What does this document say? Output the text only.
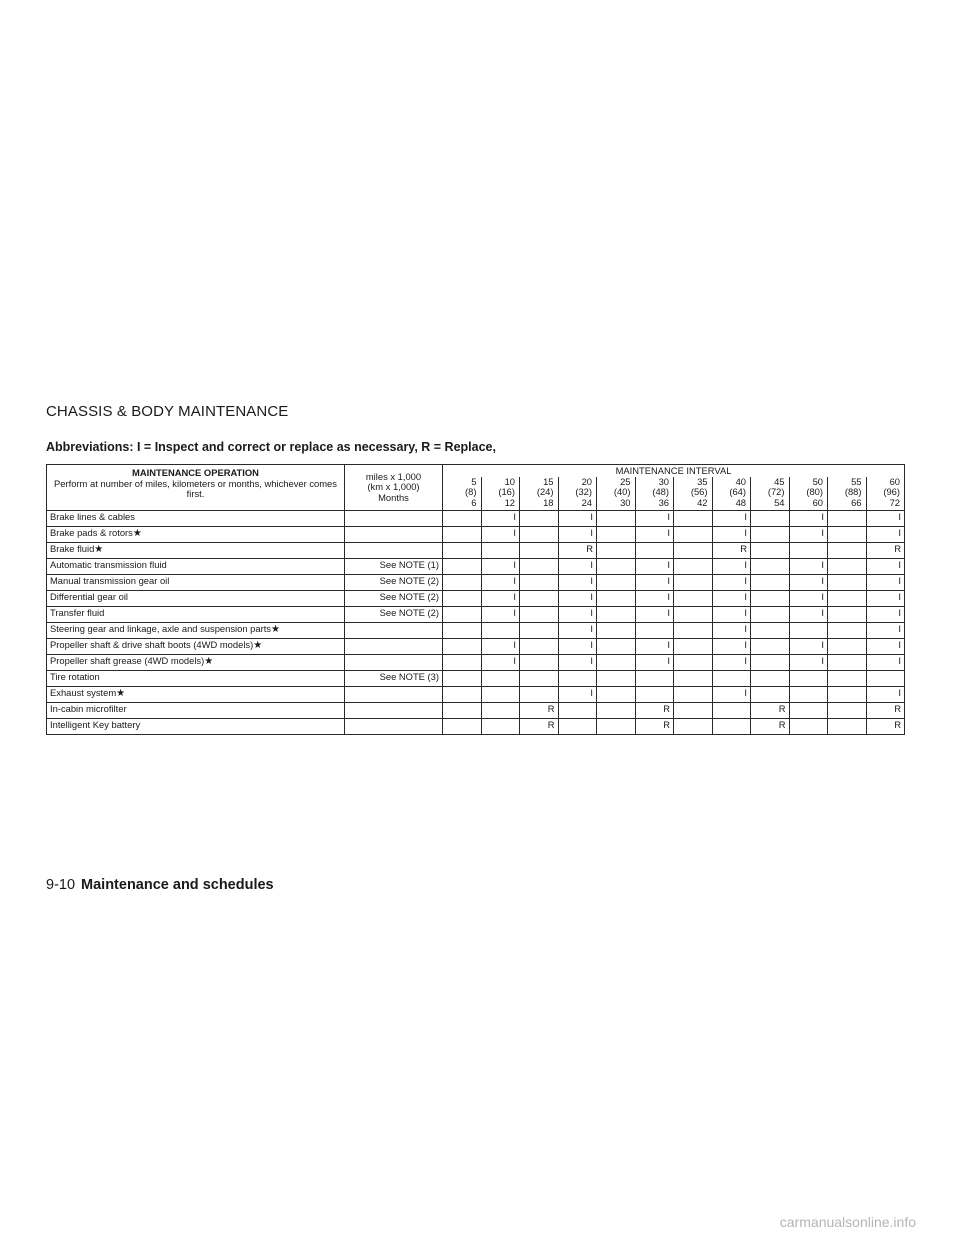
CHASSIS & BODY MAINTENANCE

Abbreviations: I = Inspect and correct or replace as necessary, R = Replace,

MAINTENANCE OPERATION
Perform at number of miles, kilometers or months, whichever comes first.	miles x 1,000
(km x 1,000)
Months	MAINTENANCE INTERVAL											

		5
(8)
6	10
(16)
12	15
(24)
18	20
(32)
24	25
(40)
30	30
(48)
36	35
(56)
42	40
(64)
48	45
(72)
54	50
(80)
60	55
(88)
66	60
(96)
72

Brake lines & cables			I		I		I		I		I		I
Brake pads & rotors★			I		I		I		I		I		I
Brake fluid★					R				R				R
Automatic transmission fluid	See NOTE (1)		I		I		I		I		I		I
Manual transmission gear oil	See NOTE (2)		I		I		I		I		I		I
Differential gear oil	See NOTE (2)		I		I		I		I		I		I
Transfer fluid	See NOTE (2)		I		I		I		I		I		I
Steering gear and linkage, axle and suspension parts★					I				I				I
Propeller shaft & drive shaft boots (4WD models)★			I		I		I		I		I		I
Propeller shaft grease (4WD models)★			I		I		I		I		I		I
Tire rotation	See NOTE (3)												
Exhaust system★					I				I				I
In-cabin microfilter				R			R			R			R
Intelligent Key battery				R			R			R			R

9-10 Maintenance and schedules

carmanualsonline.info
